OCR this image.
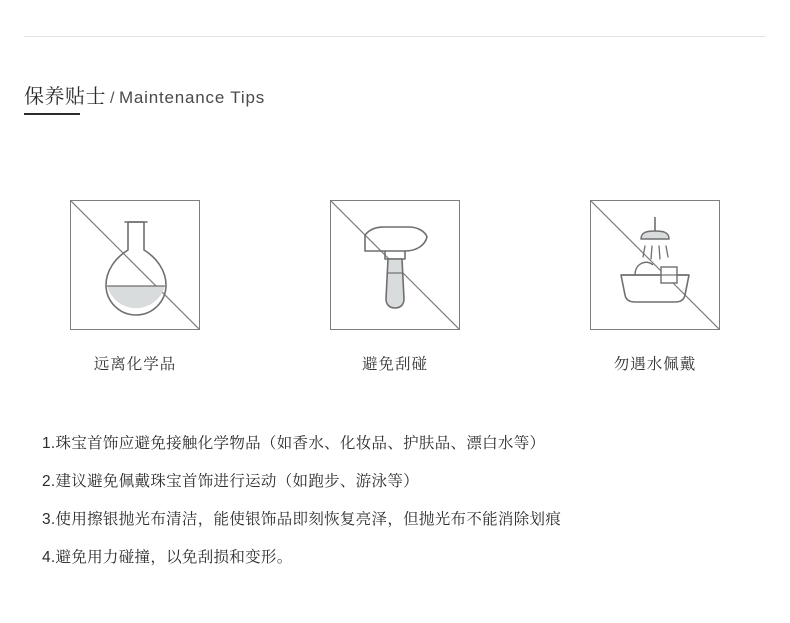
保养贴士 / Maintenance Tips
远离化学品	避免刮碰	勿遇水佩戴
1.珠宝首饰应避免接触化学物品（如香水、化妆品、护肤品、漂白水等）
2.建议避免佩戴珠宝首饰进行运动（如跑步、游泳等）
3.使用擦银抛光布清洁，能使银饰品即刻恢复亮泽，但抛光布不能消除划痕
4.避免用力碰撞，以免刮损和变形。
